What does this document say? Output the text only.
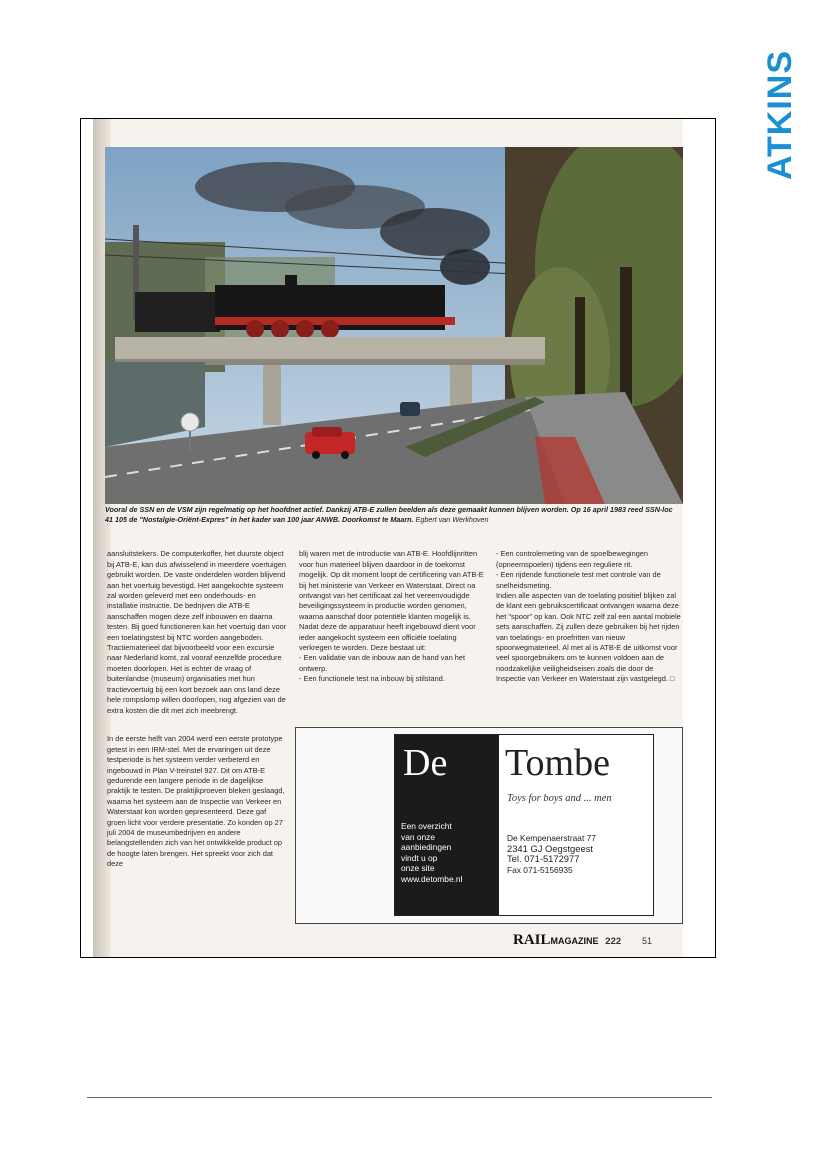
ATKINS
Vooral de SSN en de VSM zijn regelmatig op het hoofdnet actief. Dankzij ATB-E zullen beelden als deze gemaakt kunnen blijven worden. Op 16 april 1983 reed SSN-loc 41 105 de "Nostalgie-Oriënt-Expres" in het kader van 100 jaar ANWB. Doorkomst te Maarn. Egbert van Werkhoven

aansluitstekers. De computerkoffer, het duurste object bij ATB-E, kan dus afwisselend in meerdere voertuigen gebruikt worden. De vaste onderdelen worden blijvend aan het voertuig bevestigd. Het aangekochte systeem zal worden geleverd met een onderhouds- en installatie instructie. De bedrijven die ATB-E aanschaffen mogen deze zelf inbouwen en daarna testen. Bij goed functioneren kan het voertuig dan voor een toelatingstest bij NTC worden aangeboden. Tractiematerieel dat bijvoorbeeld voor een excursie naar Nederland komt, zal vooraf eenzelfde procedure moeten doorlopen. Het is echter de vraag of buitenlandse (museum) organisaties met hun tractievoertuig bij een kort bezoek aan ons land deze hele rompslomp willen doorlopen, nog afgezien van de extra kosten die dit met zich meebrengt.

In de eerste helft van 2004 werd een eerste prototype getest in een IRM-stel. Met de ervaringen uit deze testperiode is het systeem verder verbeterd en ingebouwd in Plan V-treinstel 927. Dit om ATB-E gedurende een langere periode in de dagelijkse praktijk te testen. De praktijkproeven bleken geslaagd, waarna het systeem aan de Inspectie van Verkeer en Waterstaat kon worden gepresenteerd. Deze gaf groen licht voor verdere presentatie. Zo konden op 27 juli 2004 de museumbedrijven en andere belangstellenden zich van het ontwikkelde product op de hoogte laten brengen. Het spreekt voor zich dat deze

blij waren met de introductie van ATB-E. Hoofdlijnritten voor hun materieel blijven daardoor in de toekomst mogelijk. Op dit moment loopt de certificering van ATB-E bij het ministerie van Verkeer en Waterstaat. Direct na ontvangst van het certificaat zal het vereenvoudigde beveiligingssysteem in productie worden genomen, waarna aanschaf door potentiële klanten mogelijk is. Nadat deze de apparatuur heeft ingebouwd dient voor ieder aangekocht systeem een officiële toelating verkregen te worden. Deze bestaat uit:
- Een validatie van de inbouw aan de hand van het ontwerp.
- Een functionele test na inbouw bij stilstand.

- Een controlemeting van de spoelbewegingen (opneemspoelen) tijdens een reguliere rit.
- Een rijdende functionele test met controle van de snelheidsmeting.
Indien alle aspecten van de toelating positief blijken zal de klant een gebruikscertificaat ontvangen waarna deze het "spoor" op kan. Ook NTC zelf zal een aantal mobiele sets aanschaffen. Zij zullen deze gebruiken bij het rijden van toelatings- en proefritten van nieuw spoorwegmaterieel. Al met al is ATB-E de uitkomst voor veel spoorgebruikers om te kunnen voldoen aan de noodzakelijke veiligheidseisen zoals die door de Inspectie van Verkeer en Waterstaat zijn vastgelegd. □

De
Een overzicht
van onze
aanbiedingen
vindt u op
onze site
www.detombe.nl
Tombe
Toys for boys and ... men
De Kempenaerstraat 77
2341 GJ Oegstgeest
Tel. 071-5172977
Fax 071-5156935
RAILMAGAZINE 222 51
